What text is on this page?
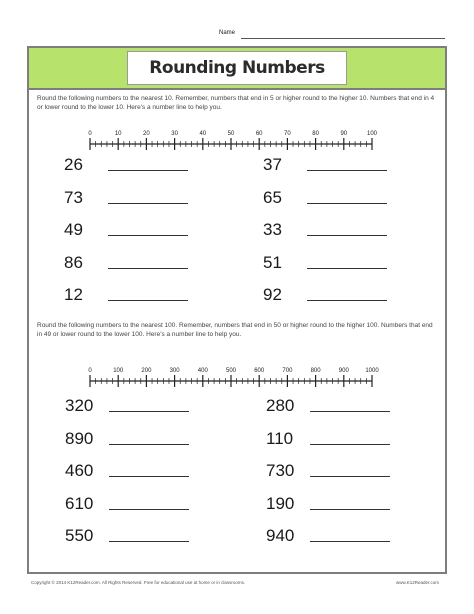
Name
Rounding Numbers
Round the following numbers to the nearest 10. Remember, numbers that end in 5 or higher round to the higher 10. Numbers that end in 4 or lower round to the lower 10. Here's a number line to help you.
0	10	20	30	40	50	60	70	80	90	100
26
73
49
86
12
37
65
33
51
92
Round the following numbers to the nearest 100. Remember, numbers that end in 50 or higher round to the higher 100. Numbers that end in 49 or lower round to the lower 100. Here's a number line to help you.
0	100	200	300	400	500	600	700	800	900	1000
320
890
460
610
550
280
110
730
190
940
Copyright © 2014 K12Reader.com. All Rights Reserved. Free for educational use at home or in classrooms.	www.K12Reader.com
